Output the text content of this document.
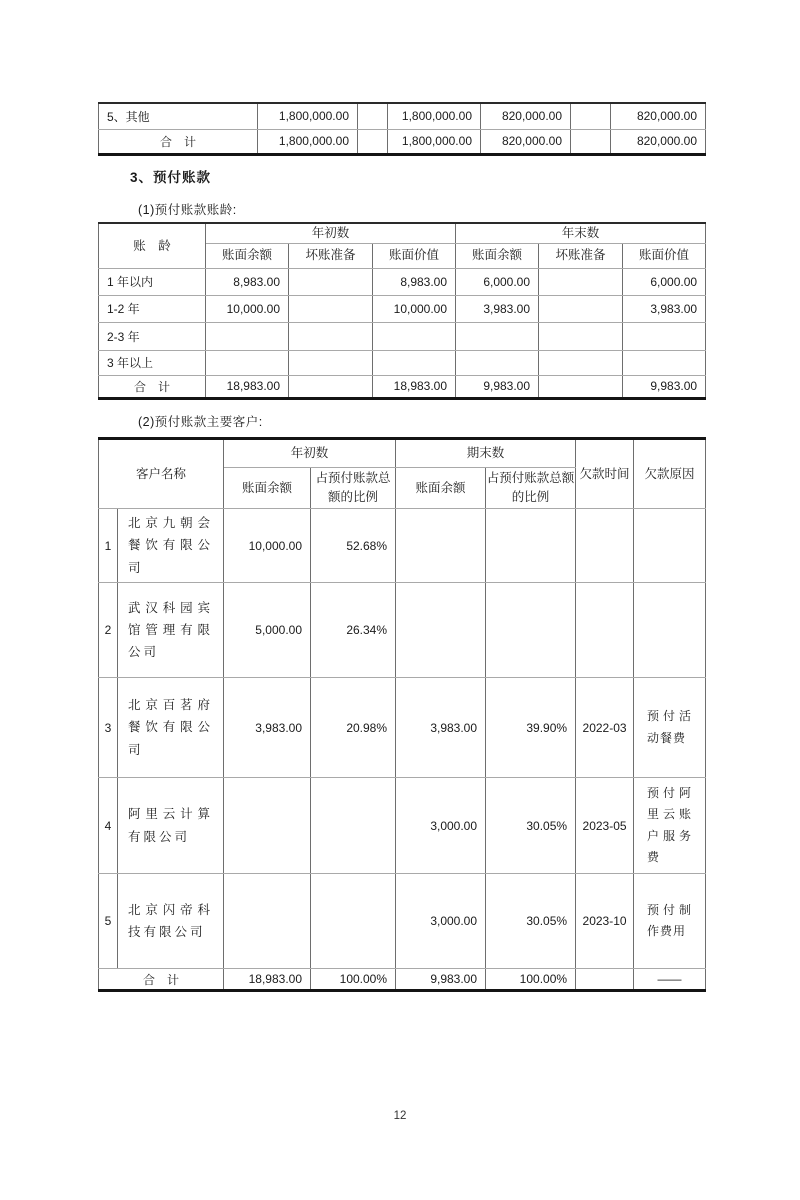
5、其他	1,800,000.00		1,800,000.00	820,000.00		820,000.00
合　计	1,800,000.00		1,800,000.00	820,000.00		820,000.00
3、预付账款
(1)预付账款账龄:
账　龄	年初数			年末数		
	账面余额	坏账准备	账面价值	账面余额	坏账准备	账面价值
1 年以内	8,983.00		8,983.00	6,000.00		6,000.00
1-2 年	10,000.00		10,000.00	3,983.00		3,983.00
2-3 年						
3 年以上						
合　计	18,983.00		18,983.00	9,983.00		9,983.00
(2)预付账款主要客户:
客户名称		年初数		期末数		欠款时间	欠款原因
		账面余额	占预付账款总额的比例	账面余额	占预付账款总额的比例		
1	北京九朝会餐饮有限公司	10,000.00	52.68%				
2	武汉科园宾馆管理有限公司	5,000.00	26.34%				
3	北京百茗府餐饮有限公司	3,983.00	20.98%	3,983.00	39.90%	2022-03	预付活动餐费
4	阿里云计算有限公司			3,000.00	30.05%	2023-05	预付阿里云账户服务费
5	北京闪帝科技有限公司			3,000.00	30.05%	2023-10	预付制作费用
合　计		18,983.00	100.00%	9,983.00	100.00%		——
12
